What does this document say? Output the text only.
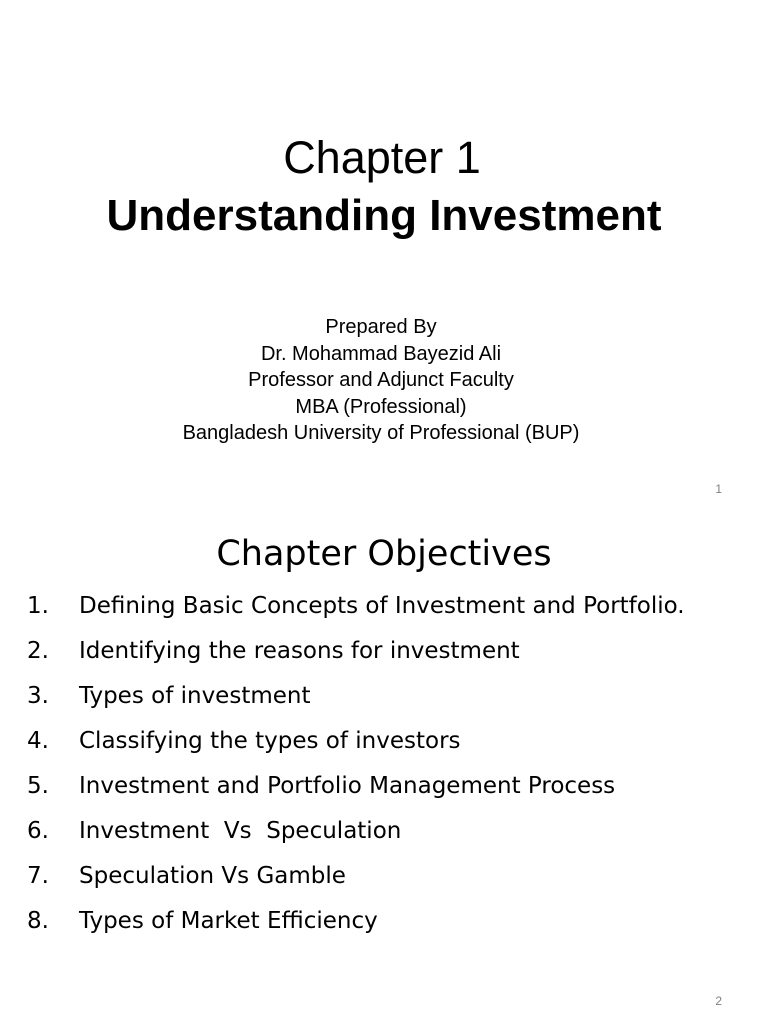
Chapter 1
Understanding Investment
Prepared By
Dr. Mohammad Bayezid Ali
Professor and Adjunct Faculty
MBA (Professional)
Bangladesh University of Professional (BUP)
1
Chapter Objectives
1. Defining Basic Concepts of Investment and Portfolio.
2. Identifying the reasons for investment
3. Types of investment
4. Classifying the types of investors
5. Investment and Portfolio Management Process
6. Investment  Vs  Speculation
7. Speculation Vs Gamble
8. Types of Market Efficiency
2
